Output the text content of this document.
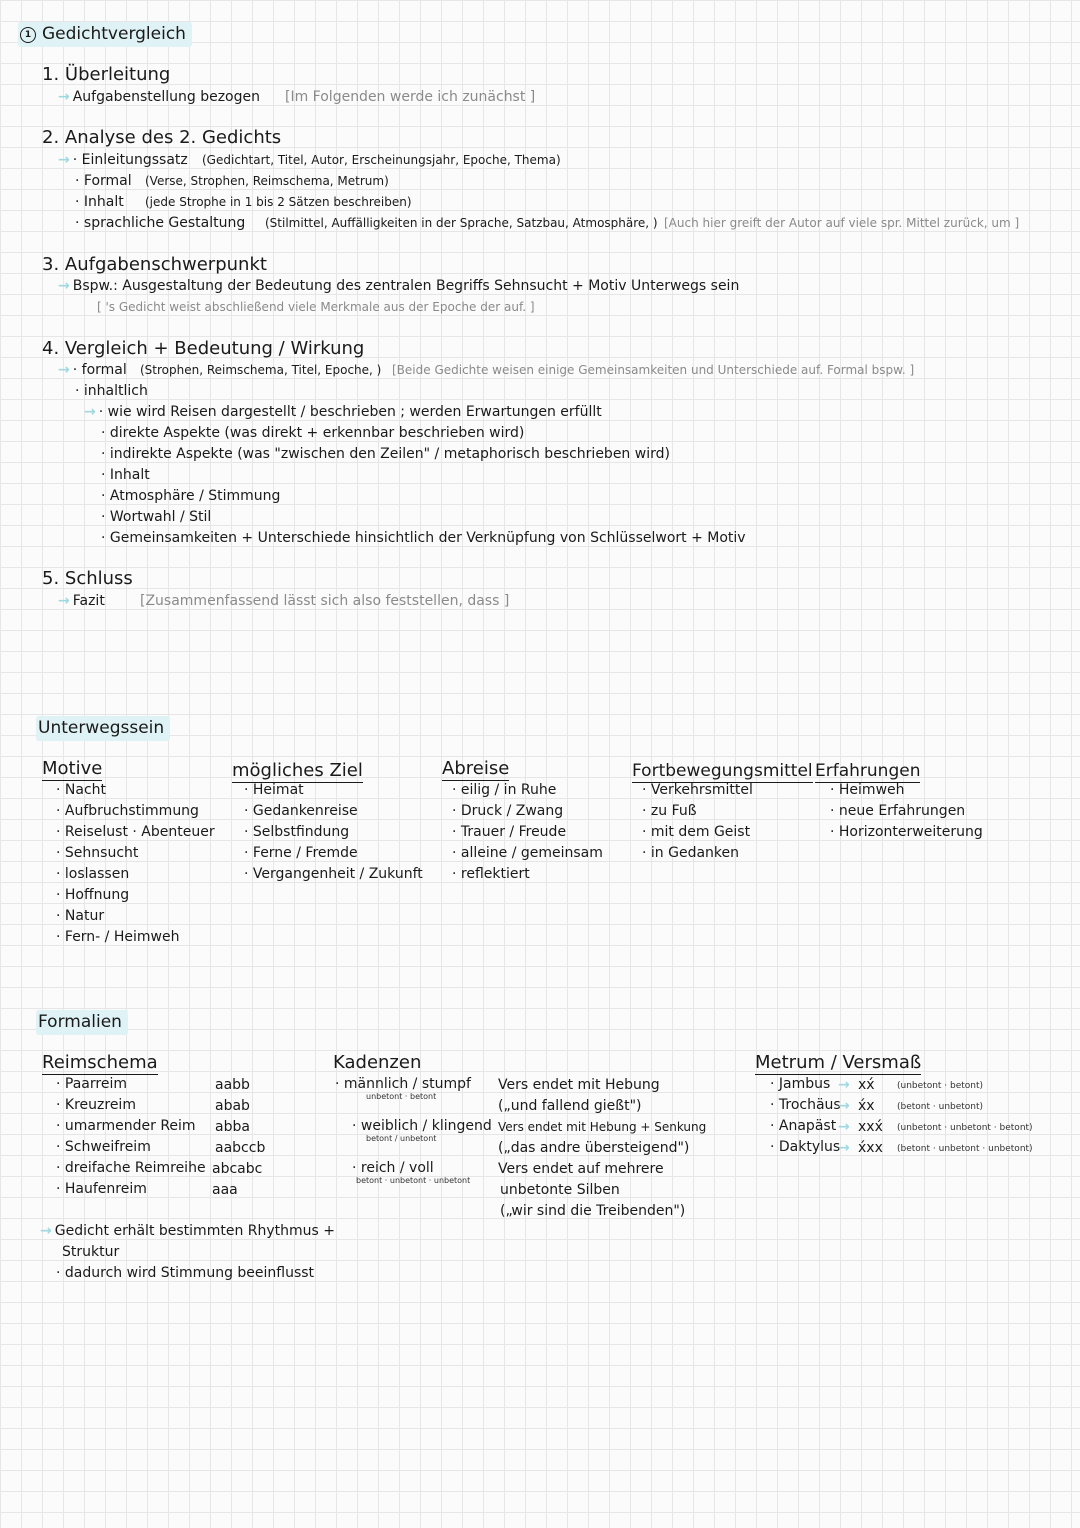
1 Gedichtvergleich
1. Überleitung
→ Aufgabenstellung bezogen [Im Folgenden werde ich zunächst ]
2. Analyse des 2. Gedichts
→ · Einleitungssatz (Gedichtart, Titel, Autor, Erscheinungsjahr, Epoche, Thema)
· Formal (Verse, Strophen, Reimschema, Metrum)
· Inhalt (jede Strophe in 1 bis 2 Sätzen beschreiben)
· sprachliche Gestaltung (Stilmittel, Auffälligkeiten in der Sprache, Satzbau, Atmosphäre, ) [Auch hier greift der Autor auf viele spr. Mittel zurück, um ]
3. Aufgabenschwerpunkt
→ Bspw.: Ausgestaltung der Bedeutung des zentralen Begriffs Sehnsucht + Motiv Unterwegs sein
[ 's Gedicht weist abschließend viele Merkmale aus der Epoche der auf. ]
4. Vergleich + Bedeutung / Wirkung
→ · formal (Strophen, Reimschema, Titel, Epoche, ) [Beide Gedichte weisen einige Gemeinsamkeiten und Unterschiede auf. Formal bspw. ]
· inhaltlich
→ · wie wird Reisen dargestellt / beschrieben ; werden Erwartungen erfüllt
· direkte Aspekte (was direkt + erkennbar beschrieben wird)
· indirekte Aspekte (was "zwischen den Zeilen" / metaphorisch beschrieben wird)
· Inhalt
· Atmosphäre / Stimmung
· Wortwahl / Stil
· Gemeinsamkeiten + Unterschiede hinsichtlich der Verknüpfung von Schlüsselwort + Motiv
5. Schluss
→ Fazit	[Zusammenfassend lässt sich also feststellen, dass ]
Unterwegssein
Motive
· Nacht
· Aufbruchstimmung
· Reiselust · Abenteuer
· Sehnsucht
· loslassen
· Hoffnung
· Natur
· Fern- / Heimweh
mögliches Ziel
· Heimat
· Gedankenreise
· Selbstfindung
· Ferne / Fremde
· Vergangenheit / Zukunft
Abreise
· eilig / in Ruhe
· Druck / Zwang
· Trauer / Freude
· alleine / gemeinsam
· reflektiert
Fortbewegungsmittel
· Verkehrsmittel
· zu Fuß
· mit dem Geist
· in Gedanken
Erfahrungen
· Heimweh
· neue Erfahrungen
· Horizonterweiterung
Formalien
Reimschema
· Paarreim	aabb
· Kreuzreim	abab
· umarmender Reim abba
· Schweifreim	aabccb
· dreifache Reimreihe abcabc
· Haufenreim	aaa
→ Gedicht erhält bestimmten Rhythmus +
Struktur
· dadurch wird Stimmung beeinflusst
Kadenzen
· männlich / stumpf
unbetont · betont
Vers endet mit Hebung
(„und fallend gießt")
· weiblich / klingend
betont / unbetont
Vers endet mit Hebung + Senkung
(„das andre übersteigend")
· reich / voll
betont · unbetont · unbetont
Vers endet auf mehrere
unbetonte Silben
(„wir sind die Treibenden")
Metrum / Versmaß
· Jambus → xx́ (unbetont · betont)
· Trochäus
→ x́x (betont · unbetont)
· Anapäst → xxx́ (unbetont · unbetont · betont)
· Daktylus
→ x́xx (betont · unbetont · unbetont)
